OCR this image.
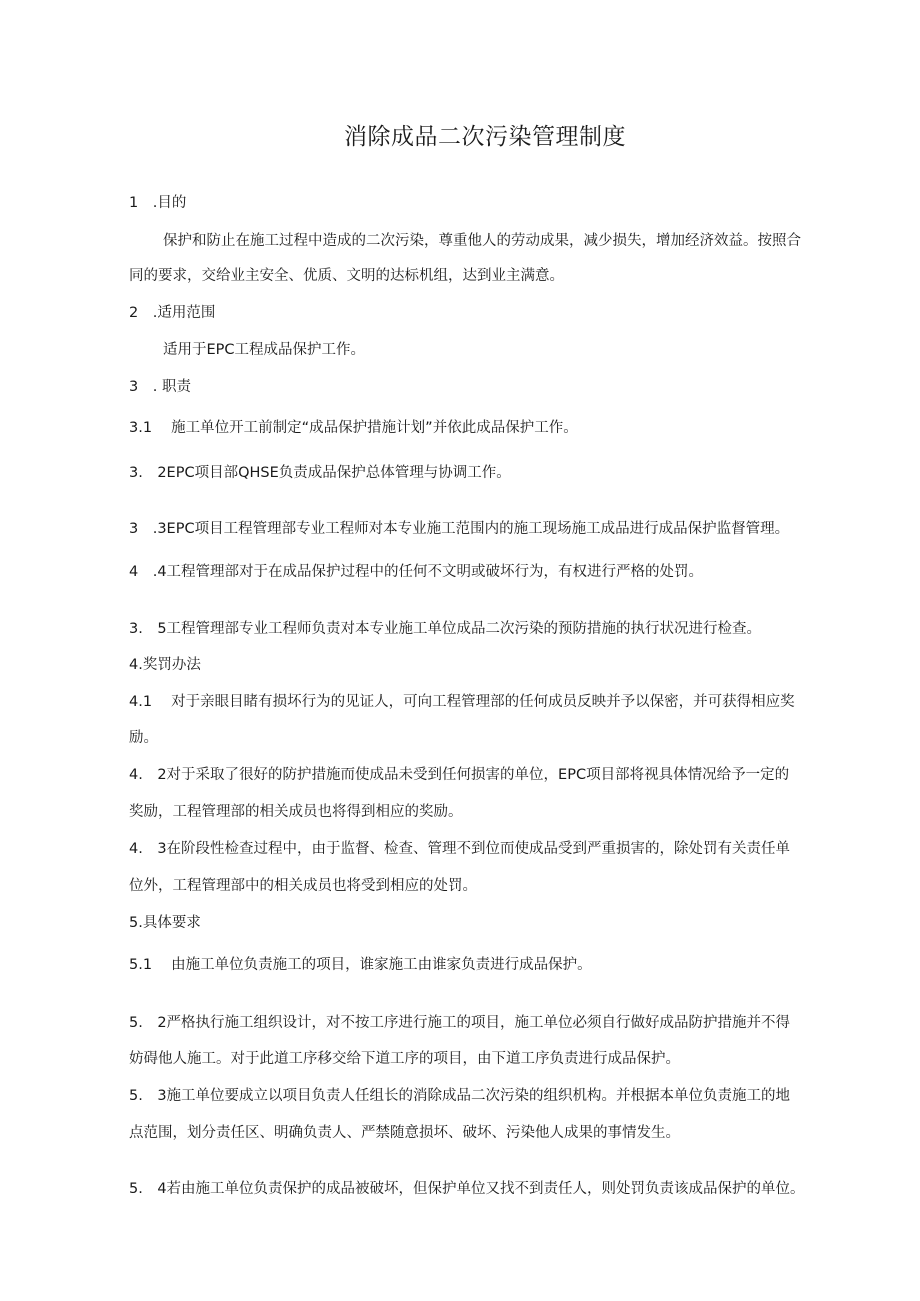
消除成品二次污染管理制度

1　.目的

保护和防止在施工过程中造成的二次污染，尊重他人的劳动成果，减少损失，增加经济效益。按照合

同的要求，交给业主安全、优质、文明的达标机组，达到业主满意。

2　.适用范围

适用于EPC工程成品保护工作。

3　. 职责

3.1　 施工单位开工前制定“成品保护措施计划”并依此成品保护工作。

3.　2EPC项目部QHSE负责成品保护总体管理与协调工作。

3　.3EPC项目工程管理部专业工程师对本专业施工范围内的施工现场施工成品进行成品保护监督管理。

4　.4工程管理部对于在成品保护过程中的任何不文明或破坏行为，有权进行严格的处罚。

3.　5工程管理部专业工程师负责对本专业施工单位成品二次污染的预防措施的执行状况进行检查。

4.奖罚办法

4.1　 对于亲眼目睹有损坏行为的见证人，可向工程管理部的任何成员反映并予以保密，并可获得相应奖

励。

4.　2对于采取了很好的防护措施而使成品未受到任何损害的单位，EPC项目部将视具体情况给予一定的

奖励，工程管理部的相关成员也将得到相应的奖励。

4.　3在阶段性检查过程中，由于监督、检查、管理不到位而使成品受到严重损害的，除处罚有关责任单

位外，工程管理部中的相关成员也将受到相应的处罚。

5.具体要求

5.1　 由施工单位负责施工的项目，谁家施工由谁家负责进行成品保护。

5.　2严格执行施工组织设计，对不按工序进行施工的项目，施工单位必须自行做好成品防护措施并不得

妨碍他人施工。对于此道工序移交给下道工序的项目，由下道工序负责进行成品保护。

5.　3施工单位要成立以项目负责人任组长的消除成品二次污染的组织机构。并根据本单位负责施工的地

点范围，划分责任区、明确负责人、严禁随意损坏、破坏、污染他人成果的事情发生。

5.　4若由施工单位负责保护的成品被破坏，但保护单位又找不到责任人，则处罚负责该成品保护的单位。
